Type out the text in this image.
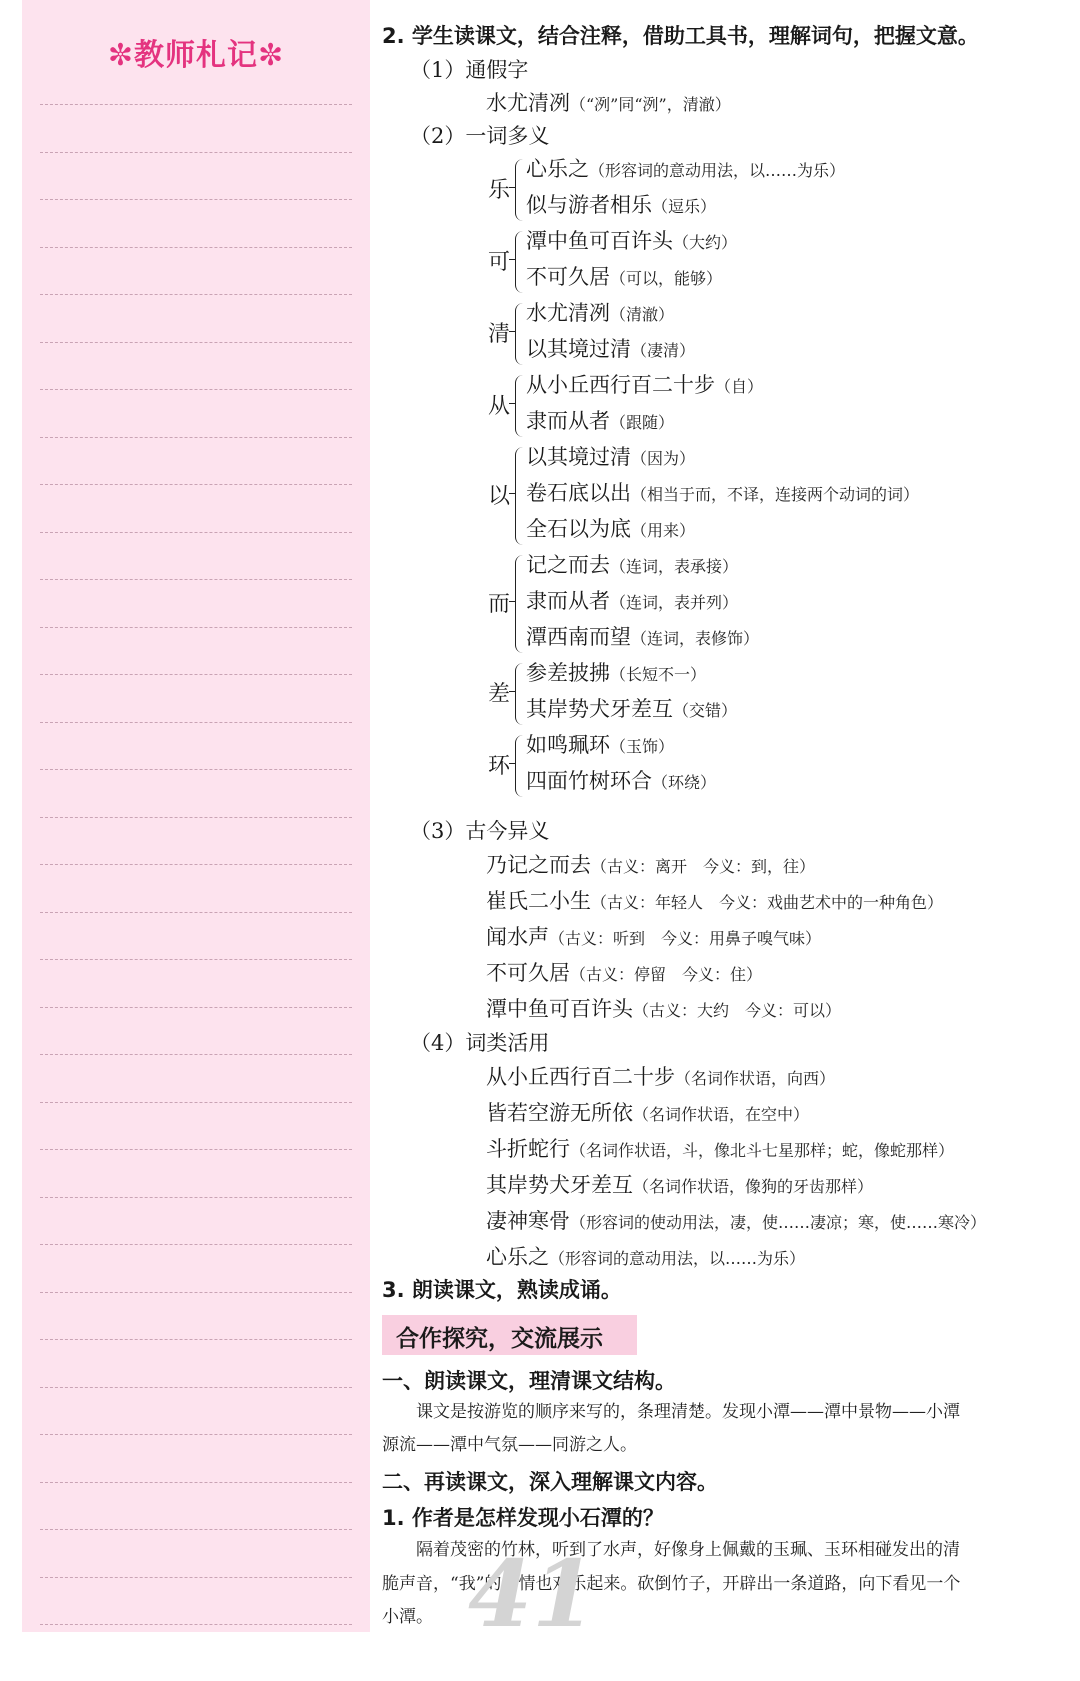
✼教师札记✼
2. 学生读课文，结合注释，借助工具书，理解词句，把握文意。
（1）通假字
水尤清冽（“冽”同“洌”，清澈）
（2）一词多义
乐
心乐之（形容词的意动用法，以……为乐）
似与游者相乐（逗乐）
可
潭中鱼可百许头（大约）
不可久居（可以，能够）
清
水尤清冽（清澈）
以其境过清（凄清）
从
从小丘西行百二十步（自）
隶而从者（跟随）
以
以其境过清（因为）
卷石底以出（相当于而，不译，连接两个动词的词）
全石以为底（用来）
而
记之而去（连词，表承接）
隶而从者（连词，表并列）
潭西南而望（连词，表修饰）
差
参差披拂（长短不一）
其岸势犬牙差互（交错）
环
如鸣珮环（玉饰）
四面竹树环合（环绕）
（3）古今异义
乃记之而去（古义：离开　今义：到，往）
崔氏二小生（古义：年轻人　今义：戏曲艺术中的一种角色）
闻水声（古义：听到　今义：用鼻子嗅气味）
不可久居（古义：停留　今义：住）
潭中鱼可百许头（古义：大约　今义：可以）
（4）词类活用
从小丘西行百二十步（名词作状语，向西）
皆若空游无所依（名词作状语，在空中）
斗折蛇行（名词作状语，斗，像北斗七星那样；蛇，像蛇那样）
其岸势犬牙差互（名词作状语，像狗的牙齿那样）
凄神寒骨（形容词的使动用法，凄，使……凄凉；寒，使……寒冷）
心乐之（形容词的意动用法，以……为乐）
3. 朗读课文，熟读成诵。
合作探究，交流展示
一、朗读课文，理清课文结构。
　　课文是按游览的顺序来写的，条理清楚。发现小潭——潭中景物——小潭
源流——潭中气氛——同游之人。
二、再读课文，深入理解课文内容。
1. 作者是怎样发现小石潭的？
　　隔着茂密的竹林，听到了水声，好像身上佩戴的玉珮、玉环相碰发出的清
脆声音，“我”的心情也欢乐起来。砍倒竹子，开辟出一条道路，向下看见一个
小潭。 41
